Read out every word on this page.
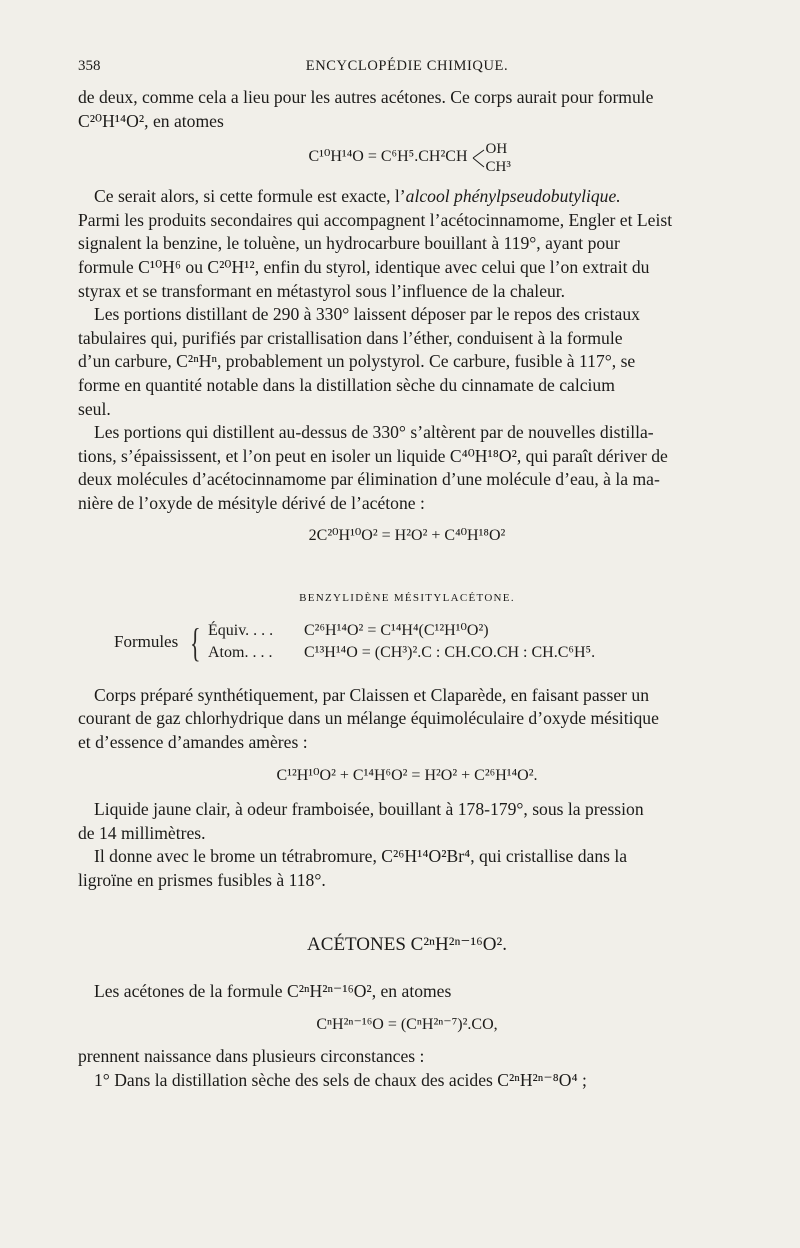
358	ENCYCLOPÉDIE CHIMIQUE.

de deux, comme cela a lieu pour les autres acétones. Ce corps aurait pour formule

C²⁰H¹⁴O², en atomes

C¹⁰H¹⁴O = C⁶H⁵.CH²CH OH
CH³

Ce serait alors, si cette formule est exacte, l’alcool phénylpseudobutylique.

Parmi les produits secondaires qui accompagnent l’acétocinnamome, Engler et Leist

signalent la benzine, le toluène, un hydrocarbure bouillant à 119°, ayant pour

formule C¹⁰H⁶ ou C²⁰H¹², enfin du styrol, identique avec celui que l’on extrait du

styrax et se transformant en métastyrol sous l’influence de la chaleur.

Les portions distillant de 290 à 330° laissent déposer par le repos des cristaux

tabulaires qui, purifiés par cristallisation dans l’éther, conduisent à la formule

d’un carbure, C²ⁿHⁿ, probablement un polystyrol. Ce carbure, fusible à 117°, se

forme en quantité notable dans la distillation sèche du cinnamate de calcium

seul.

Les portions qui distillent au-dessus de 330° s’altèrent par de nouvelles distilla-

tions, s’épaississent, et l’on peut en isoler un liquide C⁴⁰H¹⁸O², qui paraît dériver de

deux molécules d’acétocinnamome par élimination d’une molécule d’eau, à la ma-

nière de l’oxyde de mésityle dérivé de l’acétone :

2C²⁰H¹⁰O² = H²O² + C⁴⁰H¹⁸O²

BENZYLIDÈNE MÉSITYLACÉTONE.

Formules { Équiv. . . . C²⁶H¹⁴O² = C¹⁴H⁴(C¹²H¹⁰O²)
Atom. . . . C¹³H¹⁴O = (CH³)².C : CH.CO.CH : CH.C⁶H⁵.

Corps préparé synthétiquement, par Claissen et Claparède, en faisant passer un

courant de gaz chlorhydrique dans un mélange équimoléculaire d’oxyde mésitique

et d’essence d’amandes amères :

C¹²H¹⁰O² + C¹⁴H⁶O² = H²O² + C²⁶H¹⁴O².

Liquide jaune clair, à odeur framboisée, bouillant à 178-179°, sous la pression

de 14 millimètres.

Il donne avec le brome un tétrabromure, C²⁶H¹⁴O²Br⁴, qui cristallise dans la

ligroïne en prismes fusibles à 118°.

ACÉTONES C²ⁿH²ⁿ⁻¹⁶O².

Les acétones de la formule C²ⁿH²ⁿ⁻¹⁶O², en atomes

CⁿH²ⁿ⁻¹⁶O = (CⁿH²ⁿ⁻⁷)².CO,

prennent naissance dans plusieurs circonstances :

1° Dans la distillation sèche des sels de chaux des acides C²ⁿH²ⁿ⁻⁸O⁴ ;
